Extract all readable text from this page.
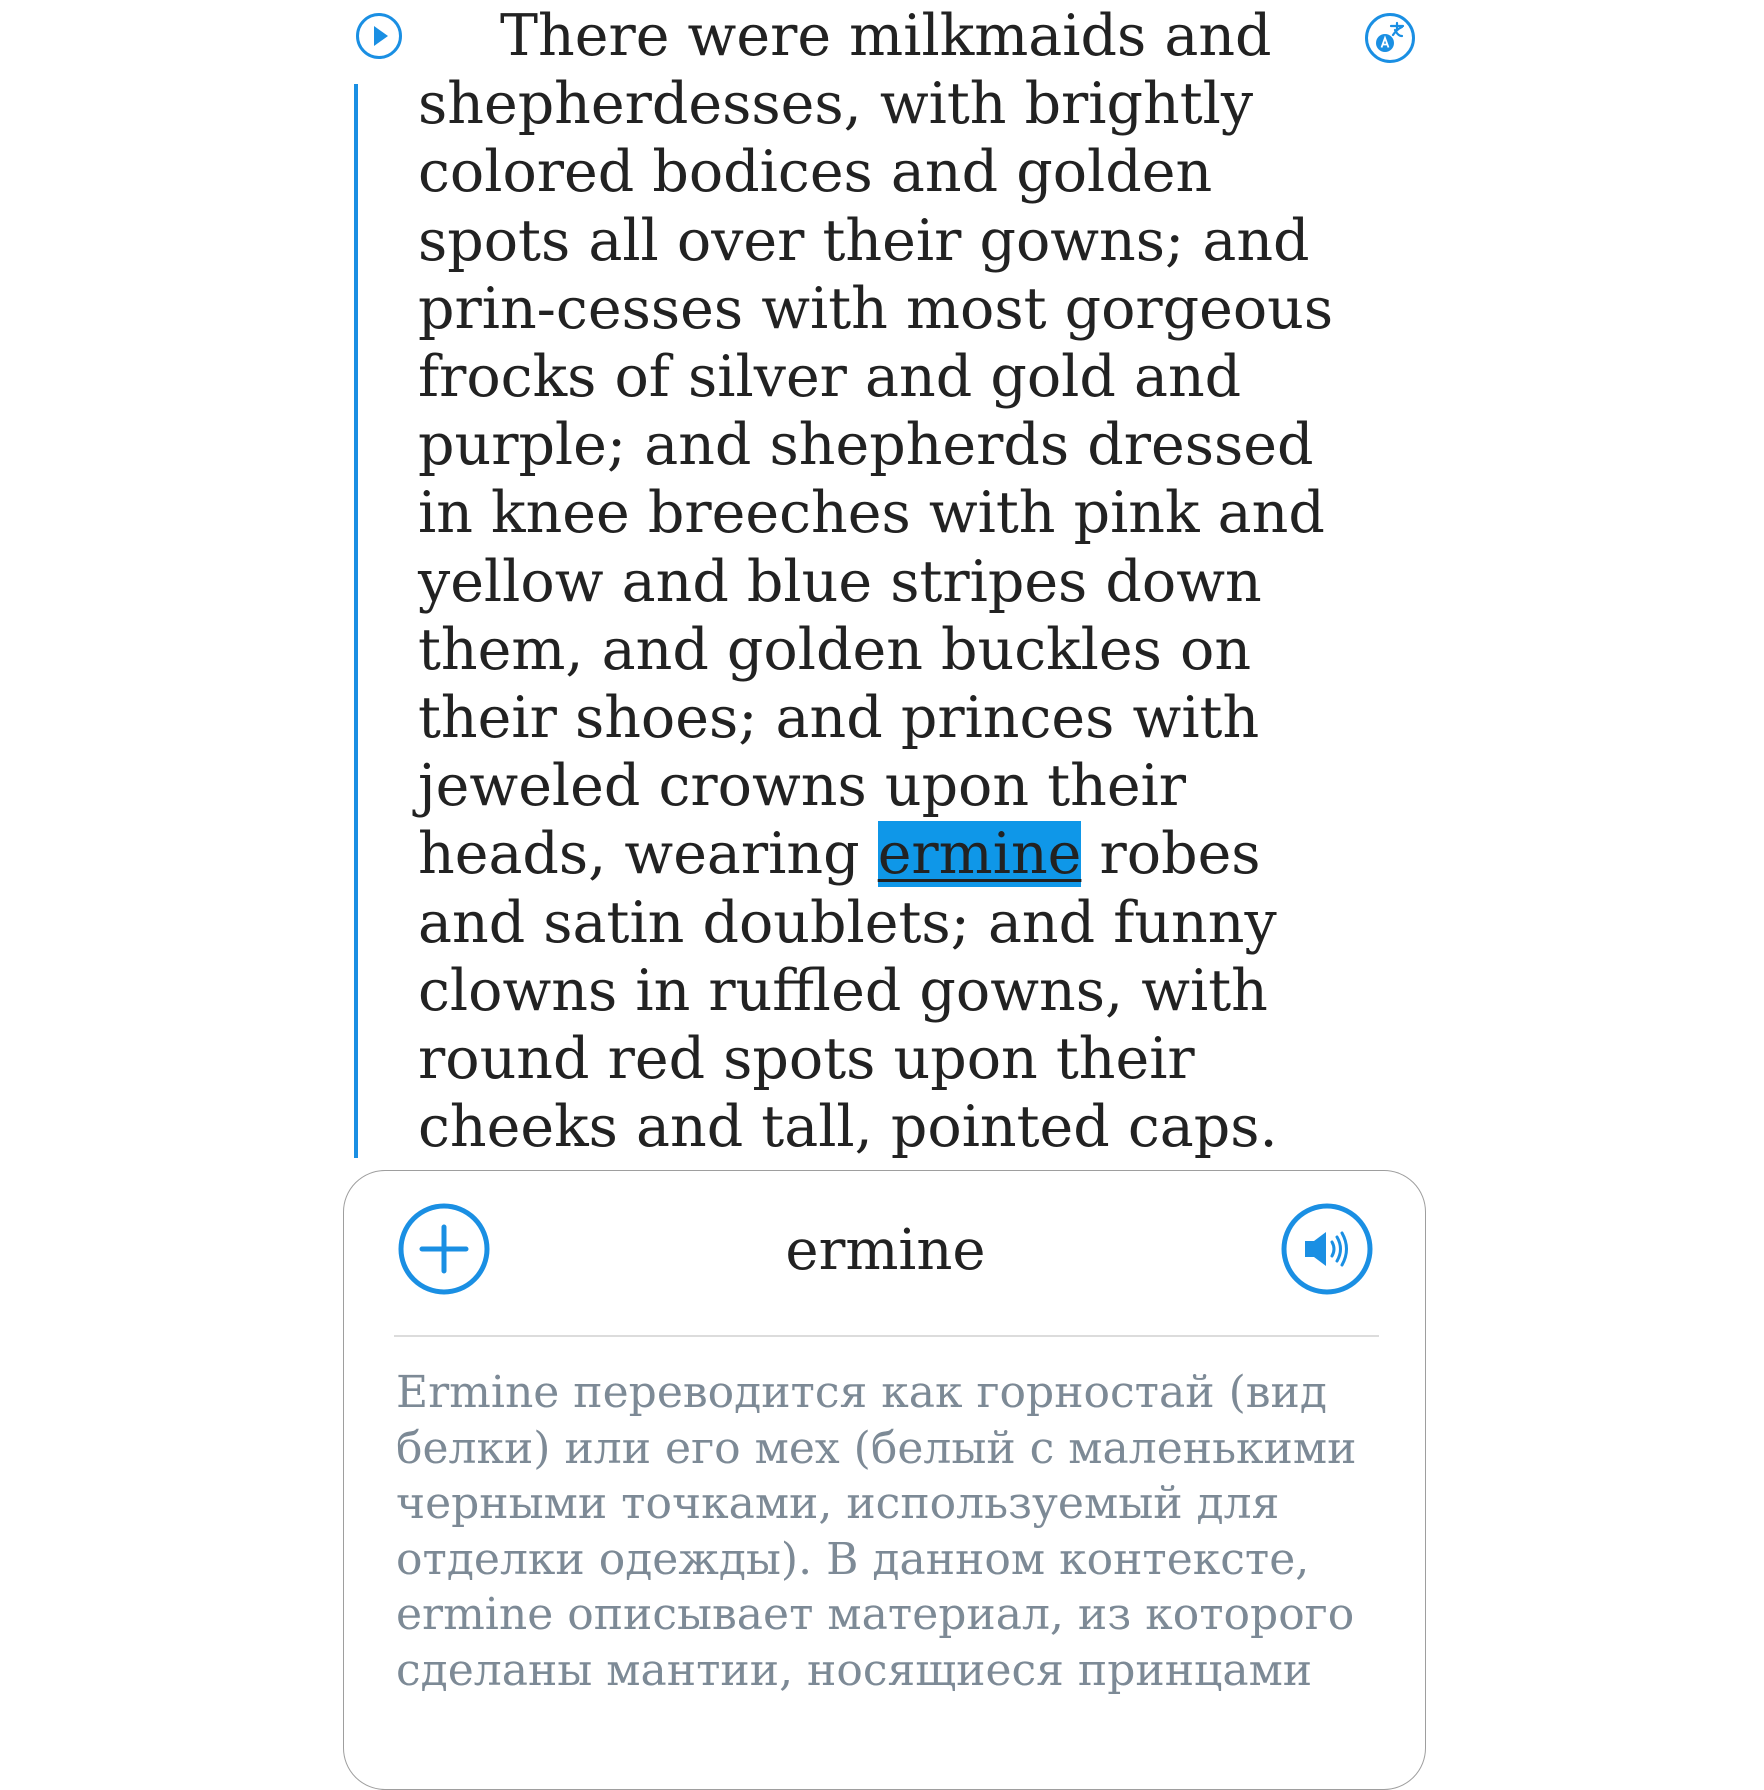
There were milkmaids and shepherdesses, with brightly colored bodices and golden spots all over their gowns; and prin-cesses with most gorgeous frocks of silver and gold and purple; and shepherds dressed in knee breeches with pink and yellow and blue stripes down them, and golden buckles on their shoes; and princes with jeweled crowns upon their heads, wearing ermine robes and satin doublets; and funny clowns in ruffled gowns, with round red spots upon their cheeks and tall, pointed caps.

ermine

Ermine переводится как горностай (вид белки) или его мех (белый с маленькими черными точками, используемый для отделки одежды). В данном контексте, ermine описывает материал, из которого сделаны мантии, носящиеся принцами
